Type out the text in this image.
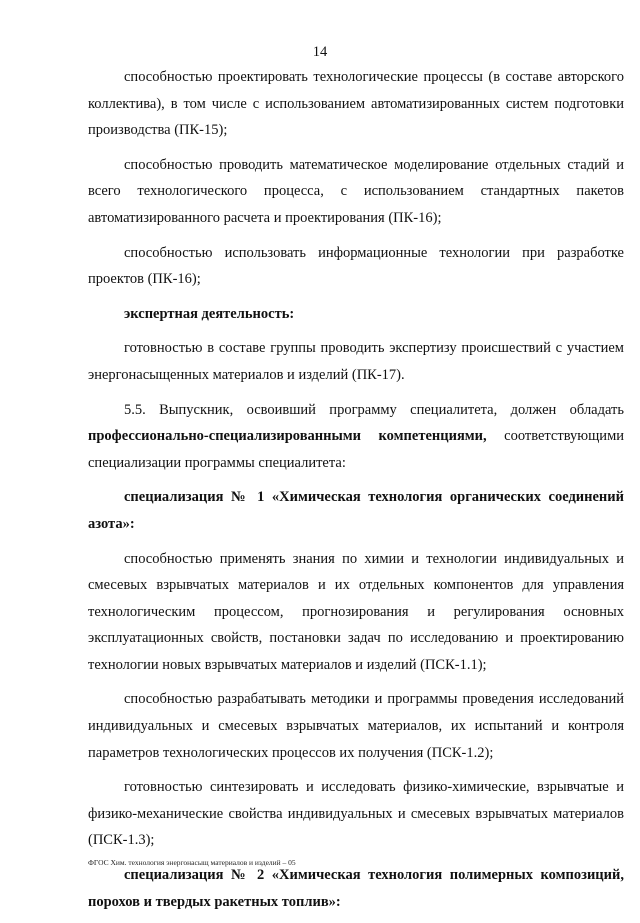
14

способностью проектировать технологические процессы (в составе авторского коллектива), в том числе с использованием автоматизированных систем подготовки производства (ПК-15);

способностью проводить математическое моделирование отдельных стадий и всего технологического процесса, с использованием стандартных пакетов автоматизированного расчета и проектирования (ПК-16);

способностью использовать информационные технологии при разработке проектов (ПК-16);

экспертная деятельность:

готовностью в составе группы проводить экспертизу происшествий с участием энергонасыщенных материалов и изделий (ПК-17).

5.5. Выпускник, освоивший программу специалитета, должен обладать профессионально-специализированными компетенциями, соответствующими специализации программы специалитета:

специализация № 1 «Химическая технология органических соединений азота»:

способностью применять знания по химии и технологии индивидуальных и смесевых взрывчатых материалов и их отдельных компонентов для управления технологическим процессом, прогнозирования и регулирования основных эксплуатационных свойств, постановки задач по исследованию и проектированию технологии новых взрывчатых материалов и изделий (ПСК-1.1);

способностью разрабатывать методики и программы проведения исследований индивидуальных и смесевых взрывчатых материалов, их испытаний и контроля параметров технологических процессов их получения (ПСК-1.2);

готовностью синтезировать и исследовать физико-химические, взрывчатые и физико-механические свойства индивидуальных и смесевых взрывчатых материалов (ПСК-1.3);

специализация № 2 «Химическая технология полимерных композиций, порохов и твердых ракетных топлив»:

ФГОС Хим. технология энергонасыщ материалов и изделий – 05
